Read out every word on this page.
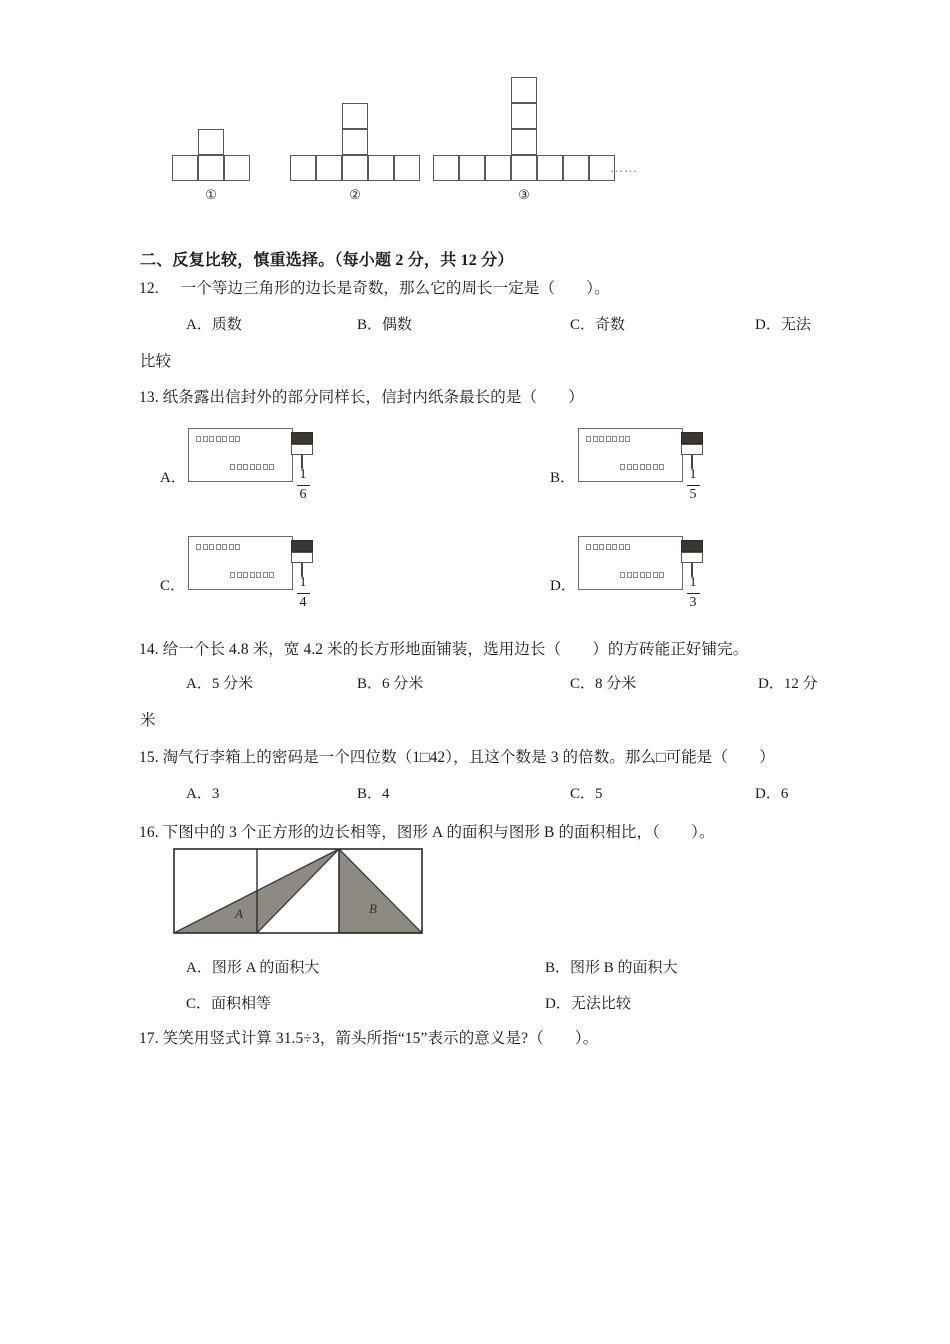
①	②	③
……
二、反复比较，慎重选择。（每小题 2 分，共 12 分）
12. 一个等边三角形的边长是奇数，那么它的周长一定是（　　）。
A．质数	B．偶数	C．奇数	D．无法
比较
13. 纸条露出信封外的部分同样长，信封内纸条最长的是（　　）
A．	1
6
B．	1
5
C．	1
4
D．	1
3
14. 给一个长 4.8 米，宽 4.2 米的长方形地面铺装，选用边长（　　）的方砖能正好铺完。
A．5 分米	B．6 分米	C．8 分米	D．12 分
米
15. 淘气行李箱上的密码是一个四位数（1□42），且这个数是 3 的倍数。那么□可能是（　　）
A．3	B．4	C．5	D．6
16. 下图中的 3 个正方形的边长相等，图形 A 的面积与图形 B 的面积相比，（　　）。
A	B
A．图形 A 的面积大	B．图形 B 的面积大
C．面积相等	D．无法比较
17. 笑笑用竖式计算 31.5÷3，箭头所指“15”表示的意义是?（　　）。
